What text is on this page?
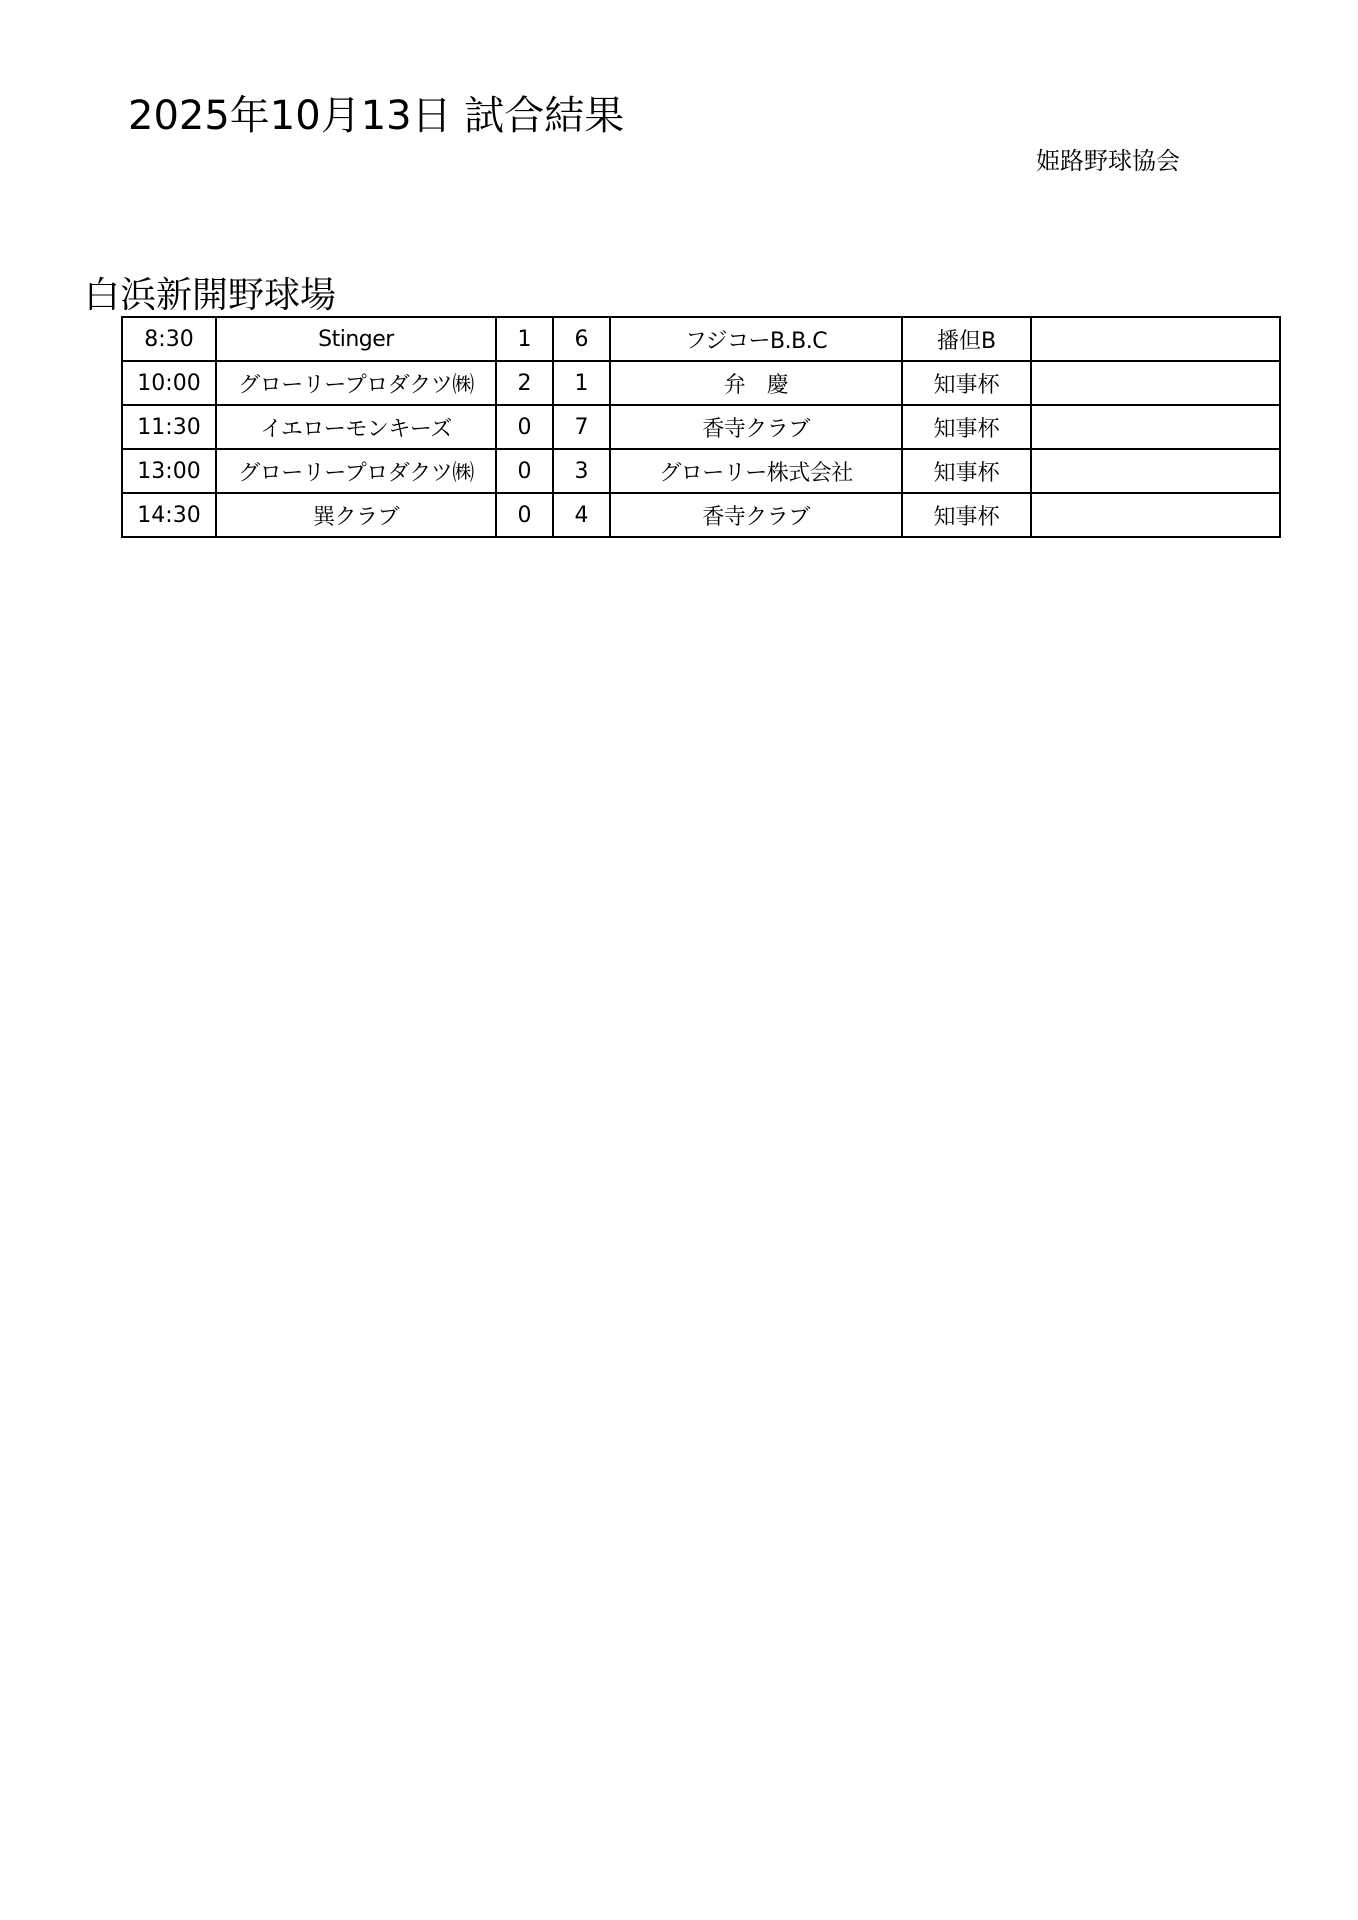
2025年10月13日 試合結果
姫路野球協会
白浜新開野球場
8:30	Stinger	1	6	フジコーB.B.C	播但B	
10:00	グローリープロダクツ㈱	2	1	弁　慶	知事杯	
11:30	イエローモンキーズ	0	7	香寺クラブ	知事杯	
13:00	グローリープロダクツ㈱	0	3	グローリー株式会社	知事杯	
14:30	巽クラブ	0	4	香寺クラブ	知事杯	
